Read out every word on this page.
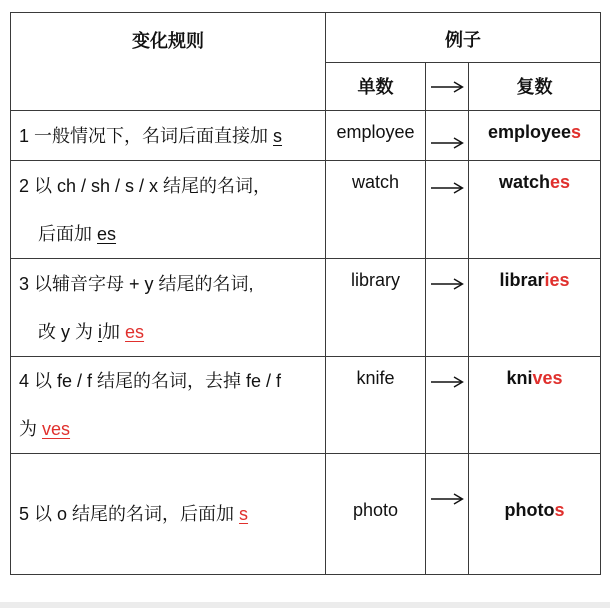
变化规则	例子		
	单数		复数

1 一般情况下，名词后面直接加 s	employee		employees

2 以 ch / sh / s / x 结尾的名词，
后面加 es	watch		watches

3 以辅音字母 + y 结尾的名词,
改 y 为 i加 es	library		libraries

4 以 fe / f 结尾的名词，去掉 fe / f
为 ves	knife		knives

5 以 o 结尾的名词，后面加 s	photo		photos
